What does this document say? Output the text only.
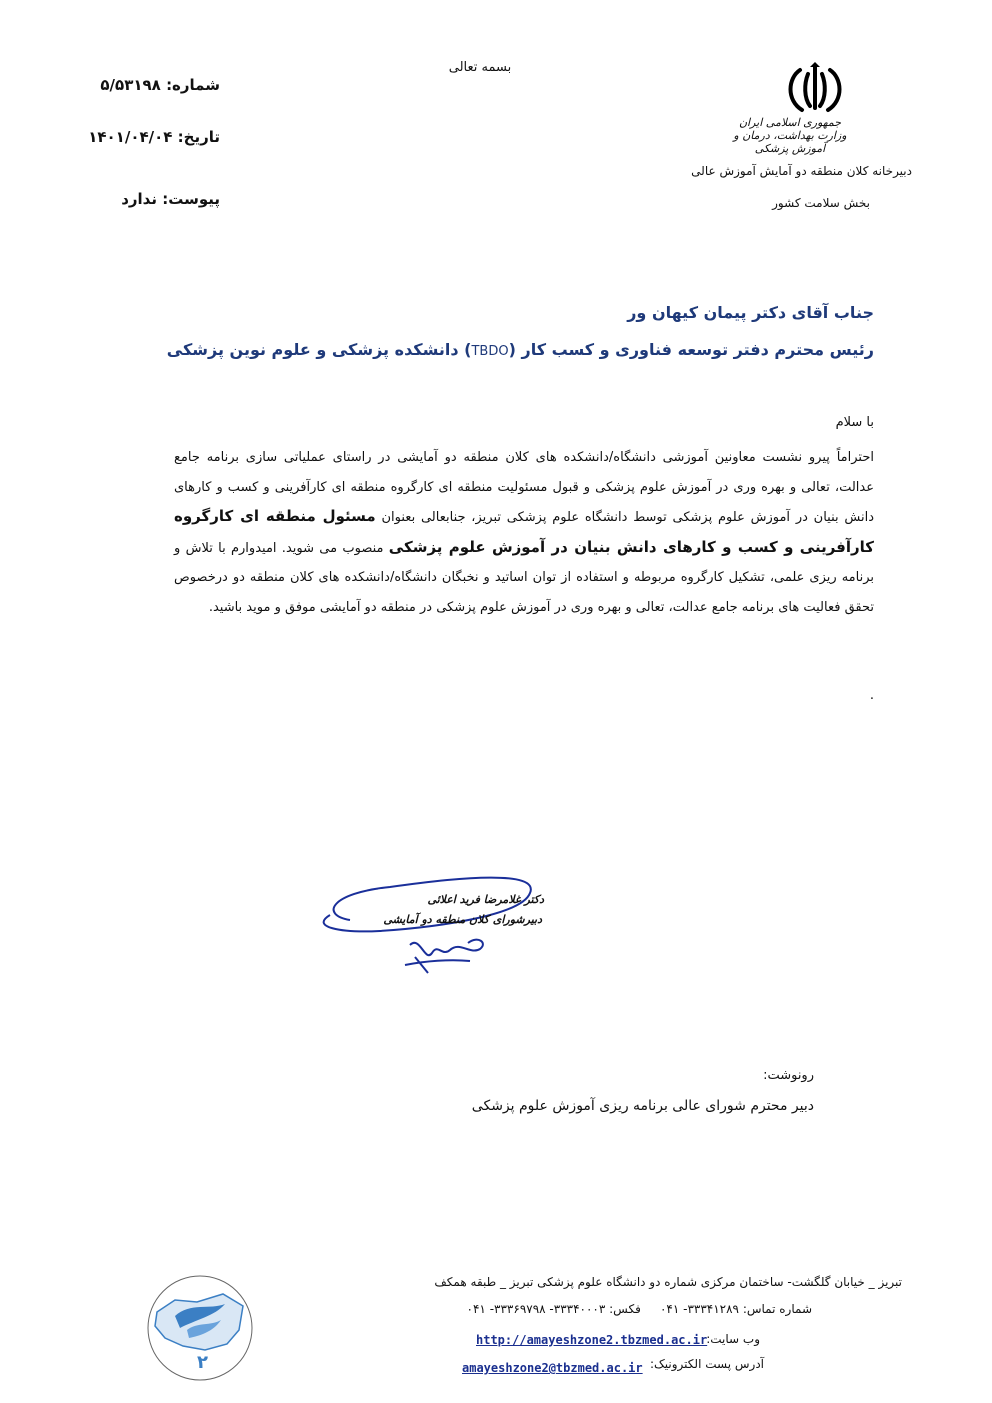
بسمه تعالی
شماره: ۵/۵۳۱۹۸
تاریخ: ۱۴۰۱/۰۴/۰۴
پیوست: ندارد
جمهوری اسلامی ایران
وزارت بهداشت، درمان و آموزش پزشکی
دبیرخانه کلان منطقه دو آمایش آموزش عالی
بخش سلامت کشور
جناب آقای دکتر پیمان کیهان ور
رئیس محترم دفتر توسعه فناوری و کسب کار (TBDO) دانشکده پزشکی و علوم نوین پزشکی
با سلام
احتراماً پیرو نشست معاونین آموزشی دانشگاه/دانشکده های کلان منطقه دو آمایشی در راستای عملیاتی سازی برنامه جامع عدالت، تعالی و بهره وری در آموزش علوم پزشکی و قبول مسئولیت منطقه ای کارگروه منطقه ای کارآفرینی و کسب و کارهای دانش بنیان در آموزش علوم پزشکی توسط دانشگاه علوم پزشکی تبریز، جنابعالی بعنوان مسئول منطقه ای کارگروه کارآفرینی و کسب و کارهای دانش بنیان در آموزش علوم پزشکی منصوب می شوید. امیدوارم با تلاش و برنامه ریزی علمی، تشکیل کارگروه مربوطه و استفاده از توان اساتید و نخبگان دانشگاه/دانشکده های کلان منطقه دو درخصوص تحقق فعالیت های برنامه جامع عدالت، تعالی و بهره وری در آموزش علوم پزشکی در منطقه دو آمایشی موفق و موید باشید.
.
دکتر غلامرضا فرید اعلائی
دبیرشورای کلان منطقه دو آمایشی
رونوشت:
دبیر محترم شورای عالی برنامه ریزی آموزش علوم پزشکی
۲
تبریز _ خیابان گلگشت- ساختمان مرکزی شماره دو دانشگاه علوم پزشکی تبریز _ طبقه همکف
شماره تماس: ۳۳۳۴۱۲۸۹- ۰۴۱     فکس: ۳۳۳۴۰۰۰۳- ۳۳۳۶۹۷۹۸- ۰۴۱
وب سایت:
http://amayeshzone2.tbzmed.ac.ir
آدرس پست الکترونیک:
amayeshzone2@tbzmed.ac.ir
